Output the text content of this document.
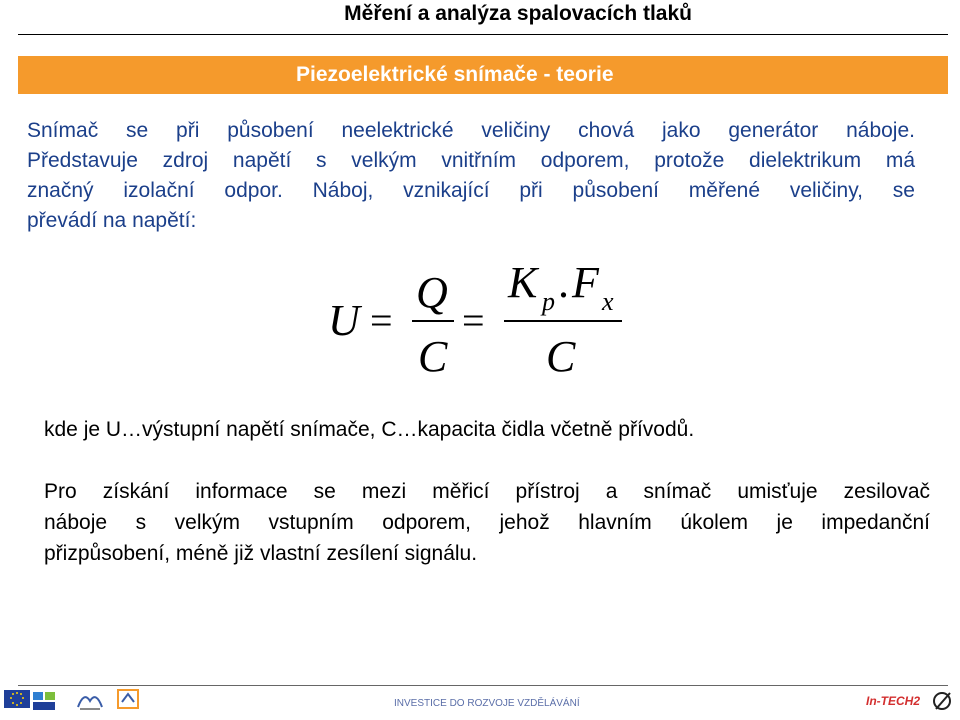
Měření a analýza spalovacích tlaků
Piezoelektrické snímače - teorie
Snímač se při působení neelektrické veličiny chová jako generátor náboje.
Představuje zdroj napětí s velkým vnitřním odporem, protože dielektrikum má
značný izolační odpor. Náboj, vznikající při působení měřené veličiny, se
převádí na napětí:
U =
Q
C
=
K p . F x
C
kde je U…výstupní napětí snímače, C…kapacita čidla včetně přívodů.
Pro získání informace se mezi měřicí přístroj a snímač umisťuje zesilovač
náboje s velkým vstupním odporem, jehož hlavním úkolem je impedanční
přizpůsobení, méně již vlastní zesílení signálu.
INVESTICE DO ROZVOJE VZDĚLÁVÁNÍ	In-TECH2
